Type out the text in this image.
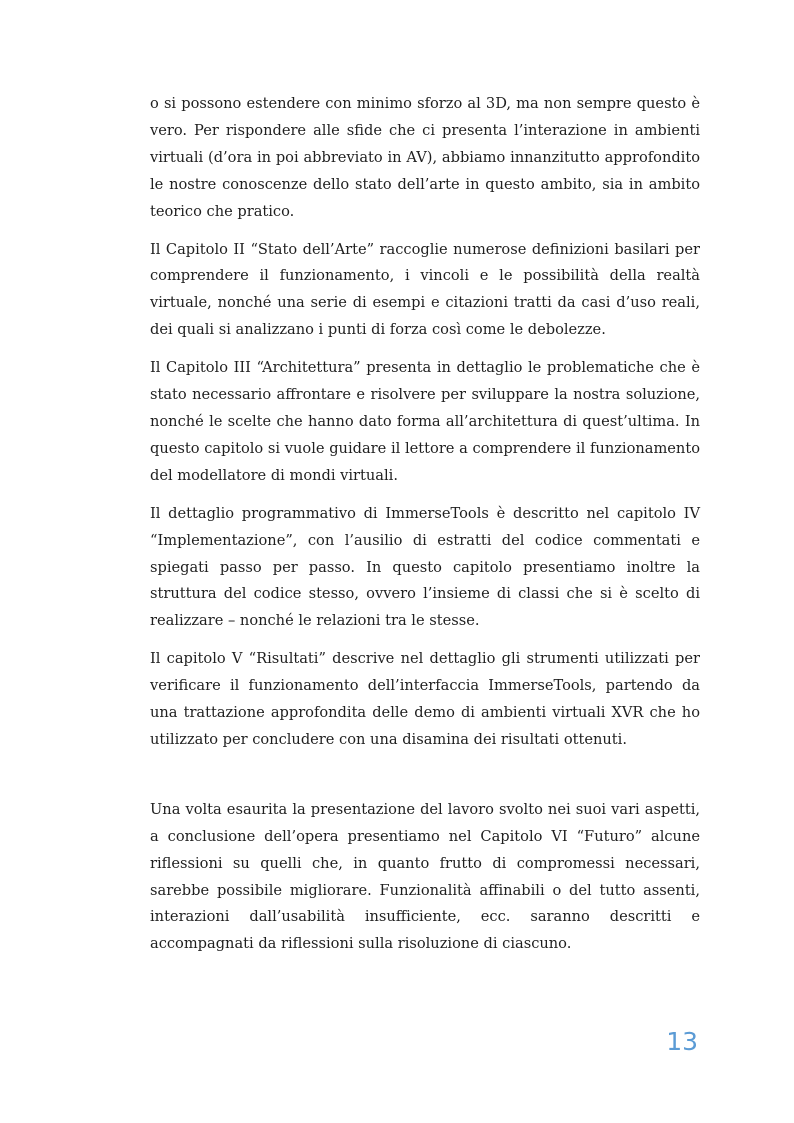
o si possono estendere con minimo sforzo al 3D, ma non sempre questo è vero. Per rispondere alle sfide che ci presenta l’interazione in ambienti virtuali (d’ora in poi abbreviato in AV), abbiamo innanzitutto approfondito le nostre conoscenze dello stato dell’arte in questo ambito, sia in ambito teorico che pratico.

Il Capitolo II “Stato dell’Arte” raccoglie numerose definizioni basilari per comprendere il funzionamento, i vincoli e le possibilità della realtà virtuale, nonché una serie di esempi e citazioni tratti da casi d’uso reali, dei quali si analizzano i punti di forza così come le debolezze.

Il Capitolo III “Architettura” presenta in dettaglio le problematiche che è stato necessario affrontare e risolvere per sviluppare la nostra soluzione, nonché le scelte che hanno dato forma all’architettura di quest’ultima. In questo capitolo si vuole guidare il lettore a comprendere il funzionamento del modellatore di mondi virtuali.

Il dettaglio programmativo di ImmerseTools è descritto nel capitolo IV “Implementazione”, con l’ausilio di estratti del codice commentati e spiegati passo per passo. In questo capitolo presentiamo inoltre la struttura del codice stesso, ovvero l’insieme di classi che si è scelto di realizzare – nonché le relazioni tra le stesse.

Il capitolo V “Risultati” descrive nel dettaglio gli strumenti utilizzati per verificare il funzionamento dell’interfaccia ImmerseTools, partendo da una trattazione approfondita delle demo di ambienti virtuali XVR che ho utilizzato per concludere con una disamina dei risultati ottenuti.

Una volta esaurita la presentazione del lavoro svolto nei suoi vari aspetti, a conclusione dell’opera presentiamo nel Capitolo VI “Futuro” alcune riflessioni su quelli che, in quanto frutto di compromessi necessari, sarebbe possibile migliorare. Funzionalità affinabili o del tutto assenti, interazioni dall’usabilità insufficiente, ecc. saranno descritti e accompagnati da riflessioni sulla risoluzione di ciascuno.

13
